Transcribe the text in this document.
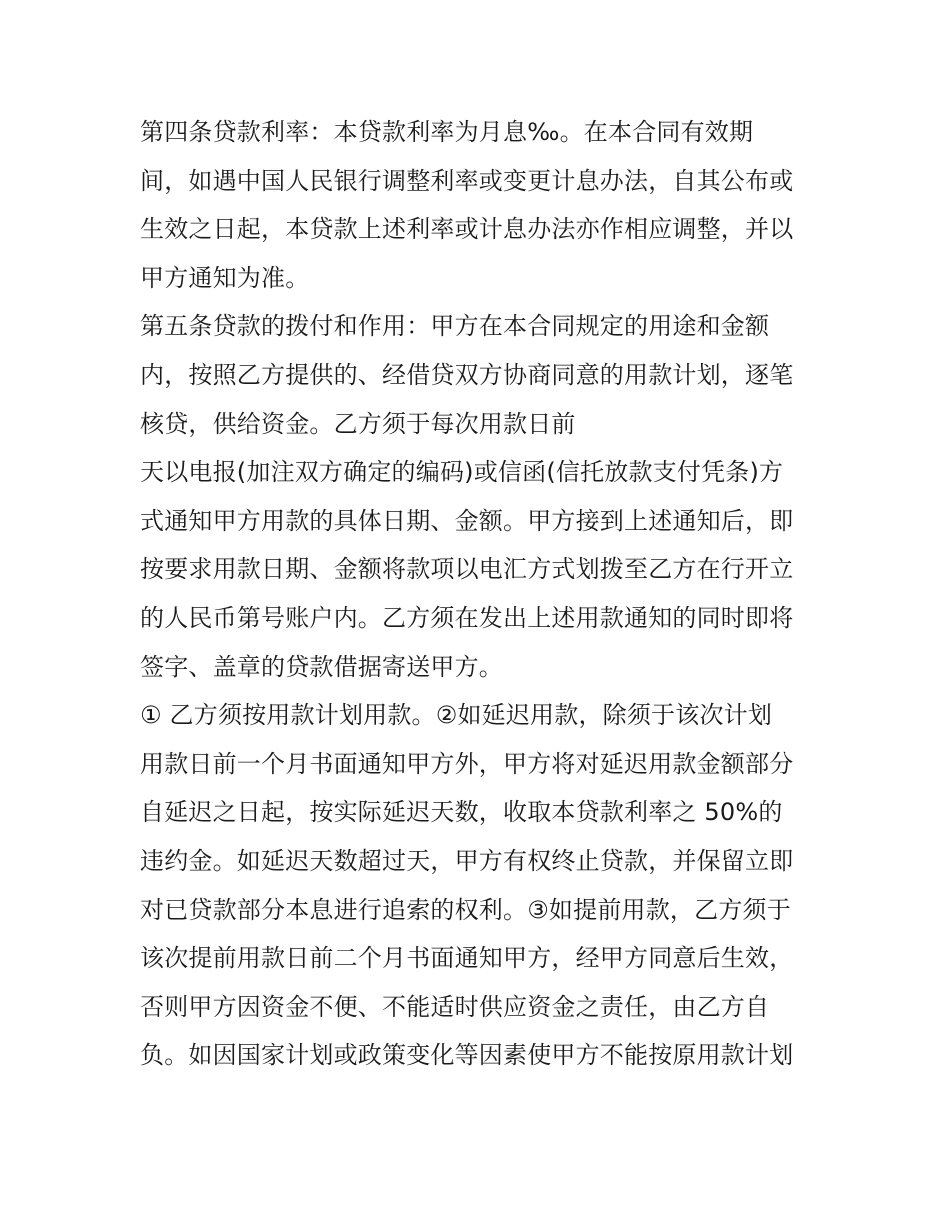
第四条贷款利率：本贷款利率为月息‰。在本合同有效期
间，如遇中国人民银行调整利率或变更计息办法，自其公布或
生效之日起，本贷款上述利率或计息办法亦作相应调整，并以
甲方通知为准。
第五条贷款的拨付和作用：甲方在本合同规定的用途和金额
内，按照乙方提供的、经借贷双方协商同意的用款计划，逐笔
核贷，供给资金。乙方须于每次用款日前
天以电报(加注双方确定的编码)或信函(信托放款支付凭条)方
式通知甲方用款的具体日期、金额。甲方接到上述通知后，即
按要求用款日期、金额将款项以电汇方式划拨至乙方在行开立
的人民币第号账户内。乙方须在发出上述用款通知的同时即将
签字、盖章的贷款借据寄送甲方。
① 乙方须按用款计划用款。②如延迟用款，除须于该次计划
用款日前一个月书面通知甲方外，甲方将对延迟用款金额部分
自延迟之日起，按实际延迟天数，收取本贷款利率之 50%的
违约金。如延迟天数超过天，甲方有权终止贷款，并保留立即
对已贷款部分本息进行追索的权利。③如提前用款，乙方须于
该次提前用款日前二个月书面通知甲方，经甲方同意后生效，
否则甲方因资金不便、不能适时供应资金之责任，由乙方自
负。如因国家计划或政策变化等因素使甲方不能按原用款计划
